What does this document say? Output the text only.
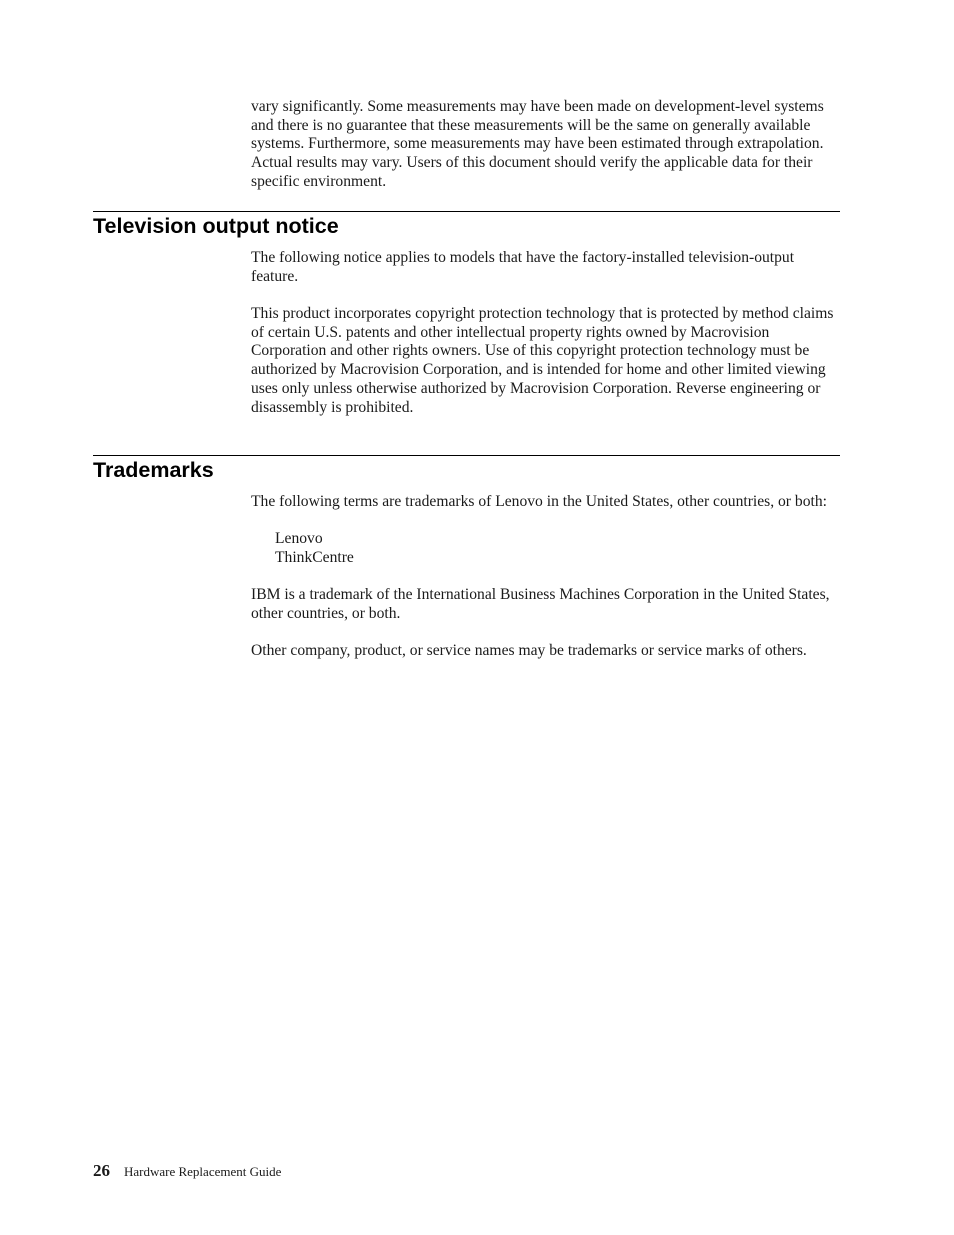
vary significantly. Some measurements may have been made on development-level systems and there is no guarantee that these measurements will be the same on generally available systems. Furthermore, some measurements may have been estimated through extrapolation. Actual results may vary. Users of this document should verify the applicable data for their specific environment.

Television output notice

The following notice applies to models that have the factory-installed television-output feature.

This product incorporates copyright protection technology that is protected by method claims of certain U.S. patents and other intellectual property rights owned by Macrovision Corporation and other rights owners. Use of this copyright protection technology must be authorized by Macrovision Corporation, and is intended for home and other limited viewing uses only unless otherwise authorized by Macrovision Corporation. Reverse engineering or disassembly is prohibited.

Trademarks

The following terms are trademarks of Lenovo in the United States, other countries, or both:

Lenovo
ThinkCentre

IBM is a trademark of the International Business Machines Corporation in the United States, other countries, or both.

Other company, product, or service names may be trademarks or service marks of others.

26 Hardware Replacement Guide
